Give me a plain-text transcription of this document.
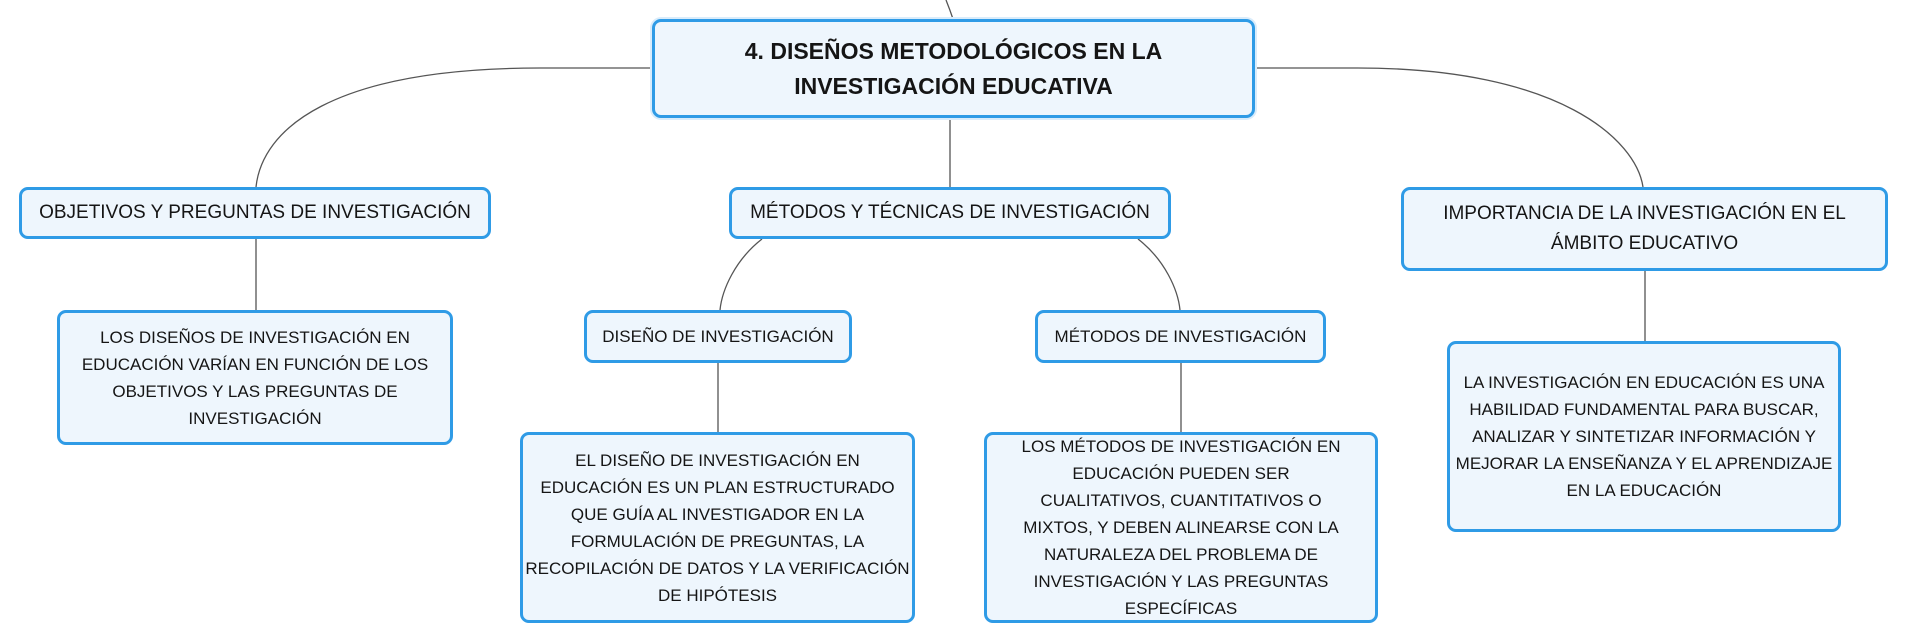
4. DISEÑOS METODOLÓGICOS EN LA INVESTIGACIÓN EDUCATIVA
OBJETIVOS Y PREGUNTAS DE INVESTIGACIÓN	MÉTODOS Y TÉCNICAS DE INVESTIGACIÓN	IMPORTANCIA DE LA INVESTIGACIÓN EN EL ÁMBITO EDUCATIVO
LOS DISEÑOS DE INVESTIGACIÓN EN EDUCACIÓN VARÍAN EN FUNCIÓN DE LOS OBJETIVOS Y LAS PREGUNTAS DE INVESTIGACIÓN
DISEÑO DE INVESTIGACIÓN	MÉTODOS DE INVESTIGACIÓN
EL DISEÑO DE INVESTIGACIÓN EN EDUCACIÓN ES UN PLAN ESTRUCTURADO QUE GUÍA AL INVESTIGADOR EN LA FORMULACIÓN DE PREGUNTAS, LA RECOPILACIÓN DE DATOS Y LA VERIFICACIÓN DE HIPÓTESIS
LOS MÉTODOS DE INVESTIGACIÓN EN EDUCACIÓN PUEDEN SER CUALITATIVOS, CUANTITATIVOS O MIXTOS, Y DEBEN ALINEARSE CON LA NATURALEZA DEL PROBLEMA DE INVESTIGACIÓN Y LAS PREGUNTAS ESPECÍFICAS
LA INVESTIGACIÓN EN EDUCACIÓN ES UNA HABILIDAD FUNDAMENTAL PARA BUSCAR, ANALIZAR Y SINTETIZAR INFORMACIÓN Y MEJORAR LA ENSEÑANZA Y EL APRENDIZAJE EN LA EDUCACIÓN
